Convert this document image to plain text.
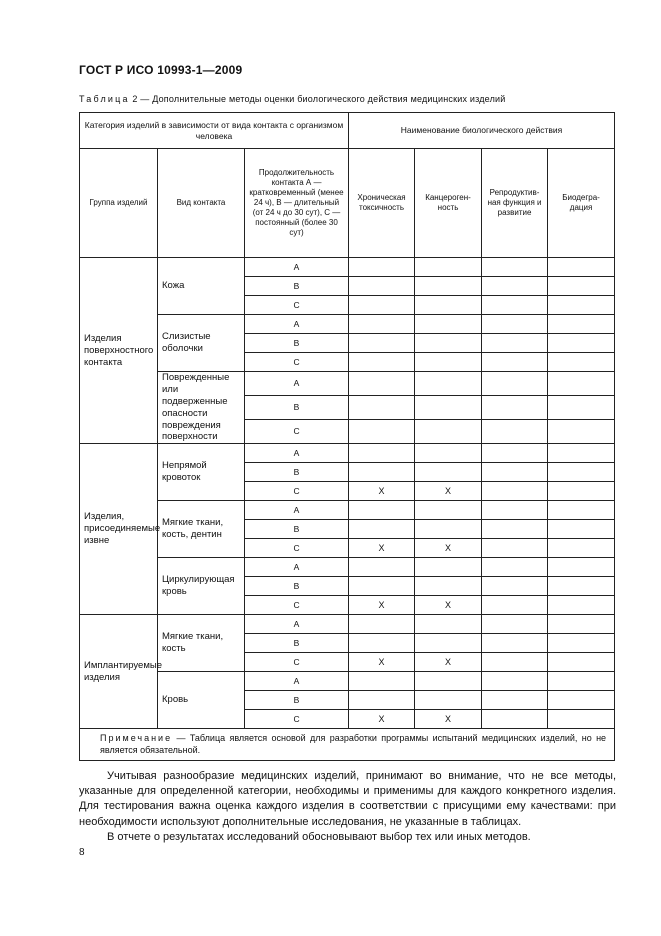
ГОСТ Р ИСО 10993-1—2009
Таблица 2 — Дополнительные методы оценки биологического действия медицинских изделий
Категория изделий в зависимости от вида контакта с организмом человека			Наименование биологического действия			
Группа изделий	Вид контакта	Продолжительность контакта А — кратковременный (менее 24 ч), В — длительный (от 24 ч до 30 сут), С — постоянный (более 30 сут)	Хроническая токсичность	Канцероген-ность	Репродуктив-ная функция и развитие	Биодегра-дация
Изделия поверхностного контакта	Кожа	A				
		B				
		C				
	Слизистые оболочки	A				
		B				
		C				
	Поврежденные или подверженные опасности повреждения поверхности	A				
		B				
		C				
Изделия, присоединяемые извне	Непрямой кровоток	A				
		B				
		C	X	X		
	Мягкие ткани, кость, дентин	A				
		B				
		C	X	X		
	Циркулирующая кровь	A				
		B				
		C	X	X		
Имплантируемые изделия	Мягкие ткани, кость	A				
		B				
		C	X	X		
	Кровь	A				
		B				
		C	X	X		
Примечание — Таблица является основой для разработки программы испытаний медицинских изделий, но не является обязательной.						

Учитывая разнообразие медицинских изделий, принимают во внимание, что не все методы, указанные для определенной категории, необходимы и применимы для каждого конкретного изделия. Для тестирования важна оценка каждого изделия в соответствии с присущими ему качествами: при необходимости используют дополнительные исследования, не указанные в таблицах.

В отчете о результатах исследований обосновывают выбор тех или иных методов.

8
